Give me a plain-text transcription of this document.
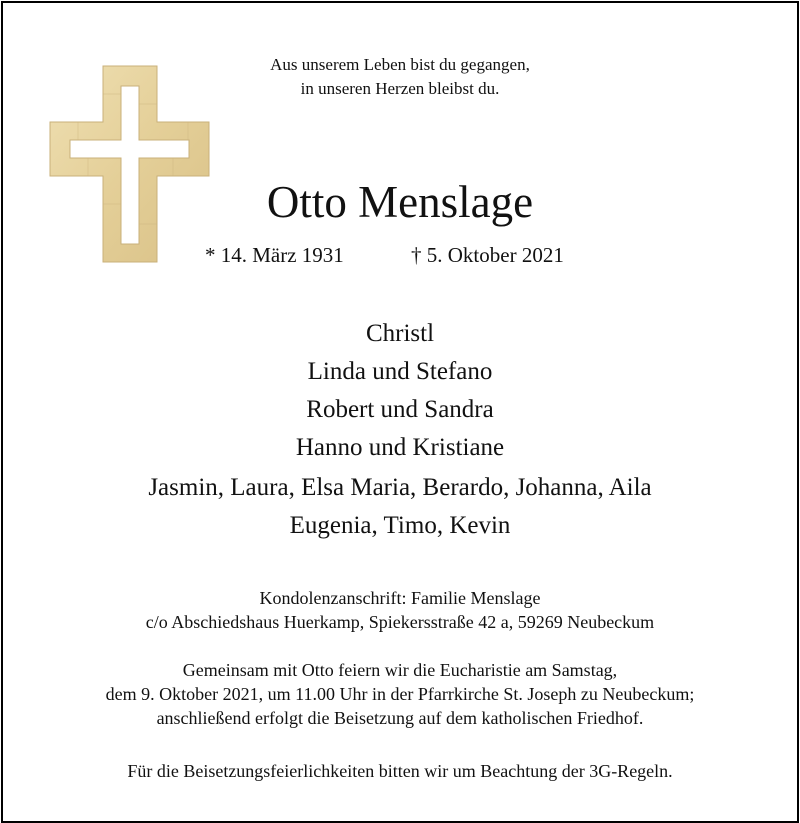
Aus unserem Leben bist du gegangen,
in unseren Herzen bleibst du.
Otto Menslage
* 14. März 1931	† 5. Oktober 2021
Christl
Linda und Stefano
Robert und Sandra
Hanno und Kristiane
Jasmin, Laura, Elsa Maria, Berardo, Johanna, Aila
Eugenia, Timo, Kevin
Kondolenzanschrift: Familie Menslage
c/o Abschiedshaus Huerkamp, Spiekersstraße 42 a, 59269 Neubeckum
Gemeinsam mit Otto feiern wir die Eucharistie am Samstag,
dem 9. Oktober 2021, um 11.00 Uhr in der Pfarrkirche St. Joseph zu Neubeckum;
anschließend erfolgt die Beisetzung auf dem katholischen Friedhof.
Für die Beisetzungsfeierlichkeiten bitten wir um Beachtung der 3G-Regeln.
